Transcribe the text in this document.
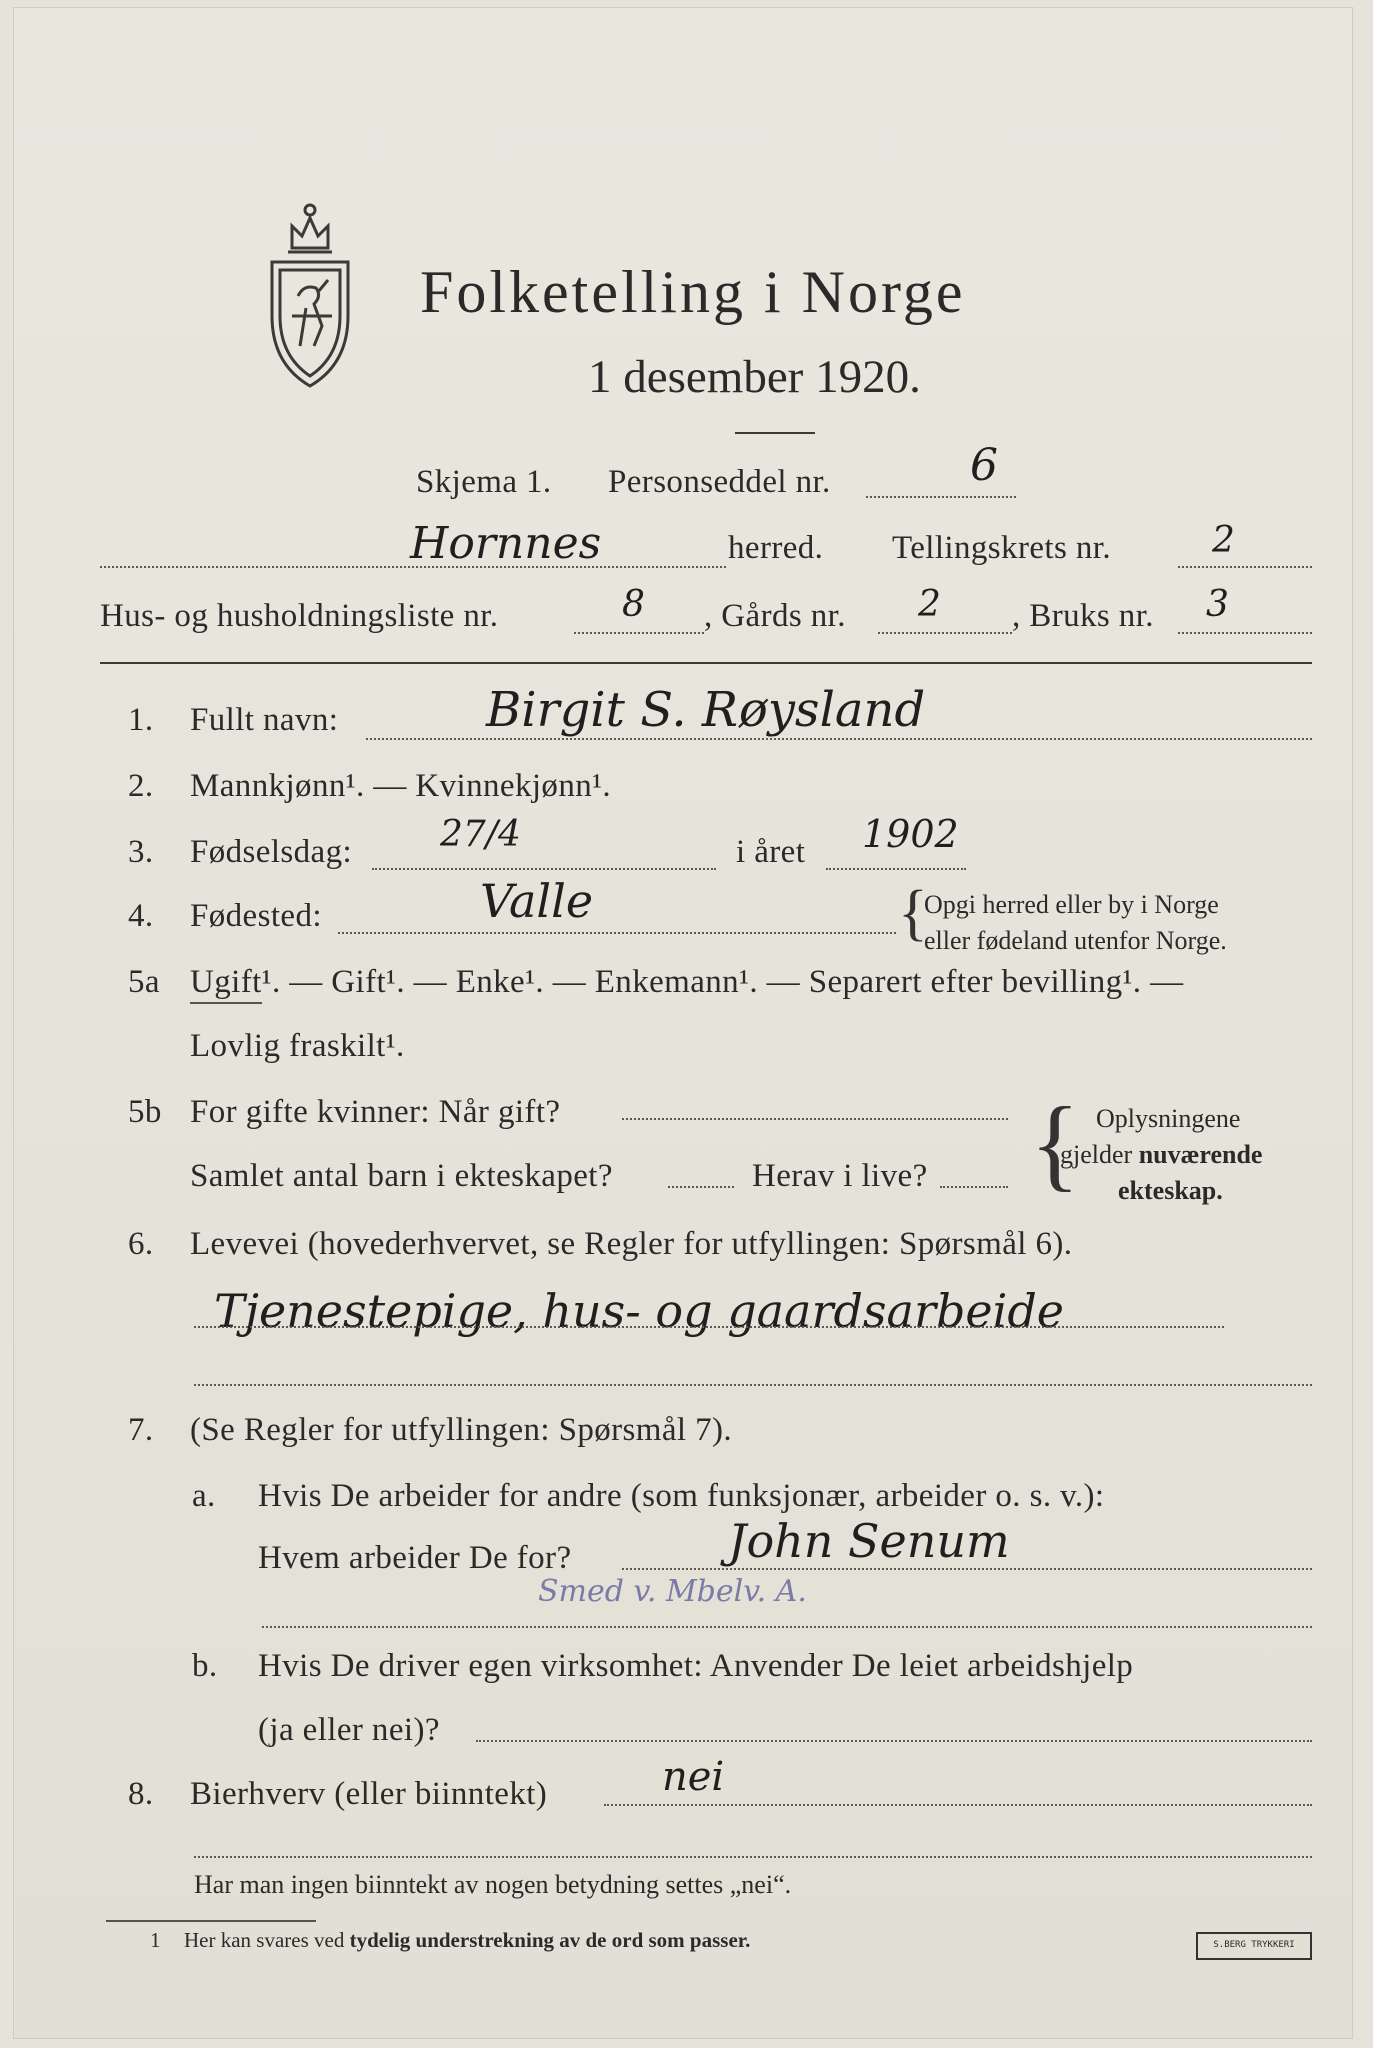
Folketelling i Norge
1 desember 1920.
Skjema 1. Personseddel nr.	6
Hornnes	herred. Tellingskrets nr.	2
Hus- og husholdningsliste nr.	8 , Gårds nr. 2 , Bruks nr. 3
1. Fullt navn:	Birgit S. Røysland
2. Mannkjønn¹. — Kvinnekjønn¹.
3. Fødselsdag: 27/4	i året 1902
4. Fødested:	Valle	{
Opgi herred eller by i Norge
eller fødeland utenfor Norge.
5a Ugift¹. — Gift¹. — Enke¹. — Enkemann¹. — Separert efter bevilling¹. —
Lovlig fraskilt¹.
5b For gifte kvinner: Når gift?
Samlet antal barn i ekteskapet?	Herav i live? { Oplysningene
gjelder nuværende
ekteskap.
6. Levevei (hovederhvervet, se Regler for utfyllingen: Spørsmål 6).
Tjenestepige, hus- og gaardsarbeide
7. (Se Regler for utfyllingen: Spørsmål 7).
a. Hvis De arbeider for andre (som funksjonær, arbeider o. s. v.):
Hvem arbeider De for?	John Senum
Smed v. Mbelv. A.
b. Hvis De driver egen virksomhet: Anvender De leiet arbeidshjelp
(ja eller nei)?
8. Bierhverv (eller biinntekt)	nei
Har man ingen biinntekt av nogen betydning settes „nei“.
1 Her kan svares ved tydelig understrekning av de ord som passer.	S.BERG TRYKKERI
